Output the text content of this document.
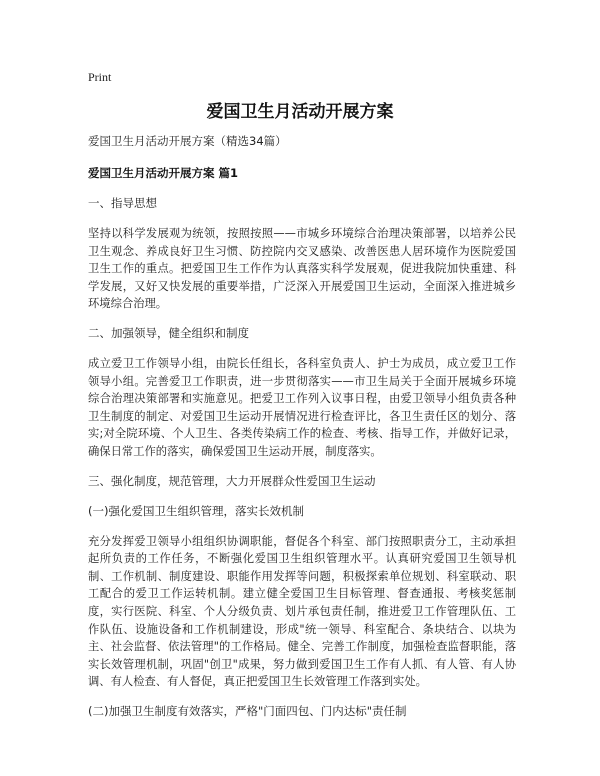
Print
爱国卫生月活动开展方案

爱国卫生月活动开展方案（精选34篇）

爱国卫生月活动开展方案 篇1

一、指导思想

坚持以科学发展观为统领，按照按照——市城乡环境综合治理决策部署，以培养公民卫生观念、养成良好卫生习惯、防控院内交叉感染、改善医患人居环境作为医院爱国卫生工作的重点。把爱国卫生工作作为认真落实科学发展观，促进我院加快重建、科学发展，又好又快发展的重要举措，广泛深入开展爱国卫生运动，全面深入推进城乡环境综合治理。

二、加强领导，健全组织和制度

成立爱卫工作领导小组，由院长任组长，各科室负责人、护士为成员，成立爱卫工作领导小组。完善爱卫工作职责，进一步贯彻落实——市卫生局关于全面开展城乡环境综合治理决策部署和实施意见。把爱卫工作列入议事日程，由爱卫领导小组负责各种卫生制度的制定、对爱国卫生运动开展情况进行检查评比，各卫生责任区的划分、落实;对全院环境、个人卫生、各类传染病工作的检查、考核、指导工作，并做好记录，确保日常工作的落实，确保爱国卫生运动开展，制度落实。

三、强化制度，规范管理，大力开展群众性爱国卫生运动

(一)强化爱国卫生组织管理，落实长效机制

充分发挥爱卫领导小组组织协调职能，督促各个科室、部门按照职责分工，主动承担起所负责的工作任务，不断强化爱国卫生组织管理水平。认真研究爱国卫生领导机制、工作机制、制度建设、职能作用发挥等问题，积极探索单位规划、科室联动、职工配合的爱卫工作运转机制。建立健全爱国卫生目标管理、督查通报、考核奖惩制度，实行医院、科室、个人分级负责、划片承包责任制，推进爱卫工作管理队伍、工作队伍、设施设备和工作机制建设，形成"统一领导、科室配合、条块结合、以块为主、社会监督、依法管理"的工作格局。健全、完善工作制度，加强检查监督职能，落实长效管理机制，巩固"创卫"成果，努力做到爱国卫生工作有人抓、有人管、有人协调、有人检查、有人督促，真正把爱国卫生长效管理工作落到实处。

(二)加强卫生制度有效落实，严格"门面四包、门内达标"责任制
